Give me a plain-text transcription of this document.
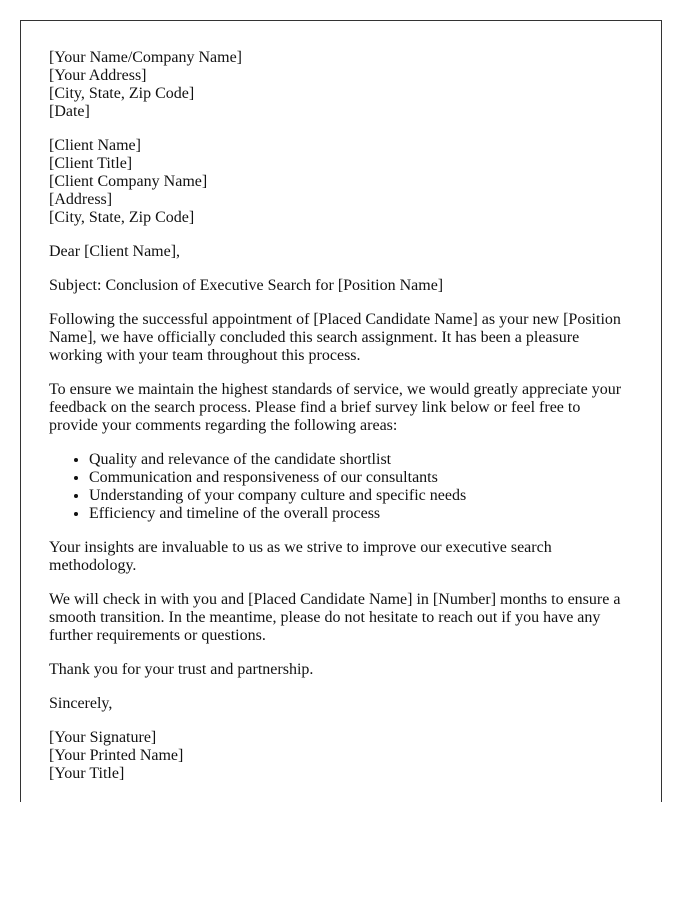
[Your Name/Company Name]
[Your Address]
[City, State, Zip Code]
[Date]

[Client Name]
[Client Title]
[Client Company Name]
[Address]
[City, State, Zip Code]

Dear [Client Name],

Subject: Conclusion of Executive Search for [Position Name]

Following the successful appointment of [Placed Candidate Name] as your new [Position Name], we have officially concluded this search assignment. It has been a pleasure working with your team throughout this process.

To ensure we maintain the highest standards of service, we would greatly appreciate your feedback on the search process. Please find a brief survey link below or feel free to provide your comments regarding the following areas:

• Quality and relevance of the candidate shortlist
• Communication and responsiveness of our consultants
• Understanding of your company culture and specific needs
• Efficiency and timeline of the overall process

Your insights are invaluable to us as we strive to improve our executive search methodology.

We will check in with you and [Placed Candidate Name] in [Number] months to ensure a smooth transition. In the meantime, please do not hesitate to reach out if you have any further requirements or questions.

Thank you for your trust and partnership.

Sincerely,

[Your Signature]
[Your Printed Name]
[Your Title]
